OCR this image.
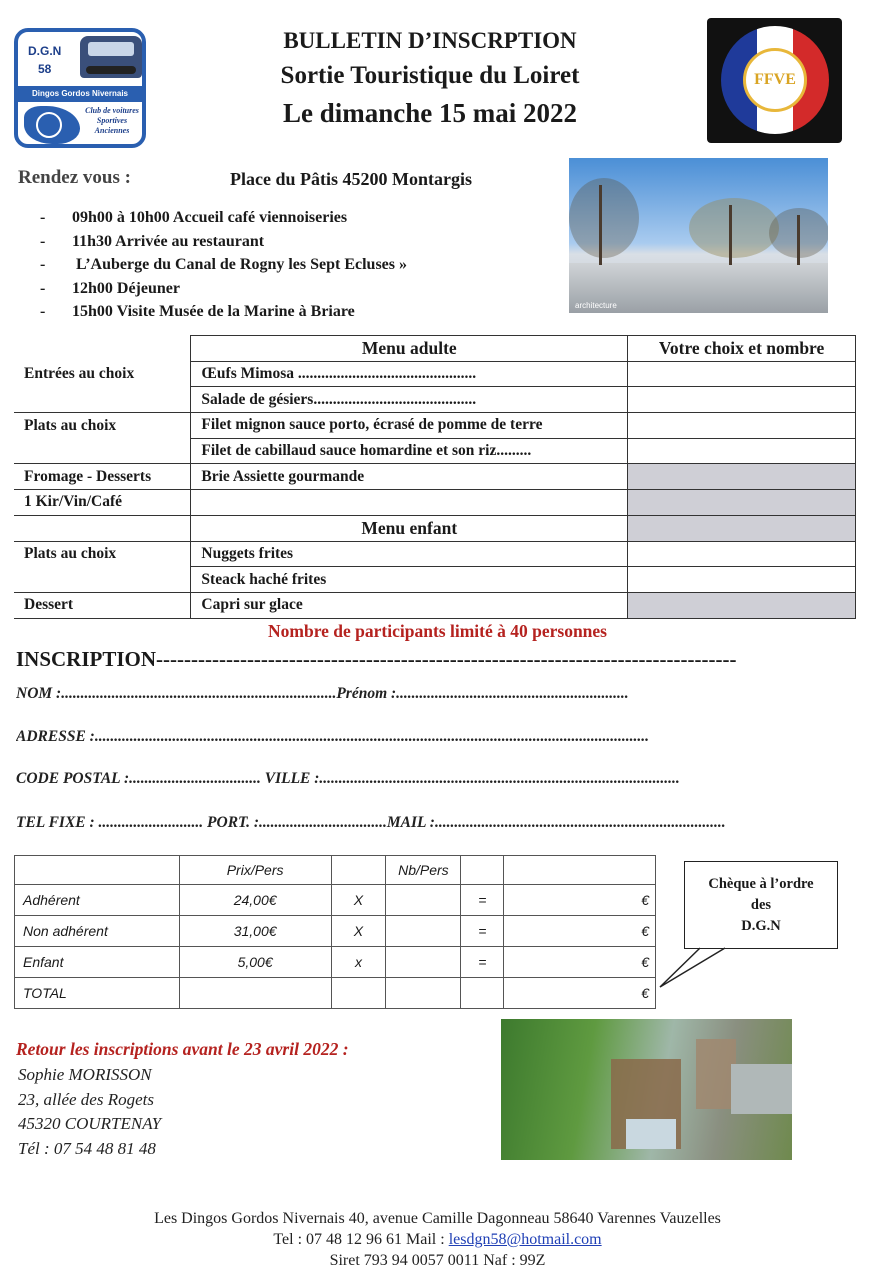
D.G.N
58
Dingos Gordos Nivernais
Club de voitures Sportives Anciennes
BULLETIN D’INSCRPTION
Sortie Touristique du Loiret
Le dimanche 15 mai 2022
FFVE
Rendez vous :	Place du Pâtis 45200 Montargis
- 09h00 à 10h00 Accueil café viennoiseries
- 11h30 Arrivée au restaurant
- L’Auberge du Canal de Rogny les Sept Ecluses »
- 12h00 Déjeuner
- 15h00 Visite Musée de la Marine à Briare	architecture
	Menu adulte	Votre choix et nombre
Entrées au choix	Œufs Mimosa ..............................................	
	Salade de gésiers..........................................	
Plats au choix	Filet mignon sauce porto, écrasé de pomme de terre	
	Filet de cabillaud sauce homardine et son riz.........	
Fromage - Desserts	Brie Assiette gourmande	
1 Kir/Vin/Café		
	Menu enfant	
Plats au choix	Nuggets frites	
	Steack haché frites	
Dessert	Capri sur glace	
Nombre de participants limité à 40 personnes
INSCRIPTION-----------------------------------------------------------------------------------
NOM :.......................................................................Prénom :............................................................
ADRESSE :...............................................................................................................................................
CODE POSTAL :.................................. VILLE :.............................................................................................
TEL FIXE : ........................... PORT. :.................................MAIL :...........................................................................
	Prix/Pers		Nb/Pers		
Adhérent	24,00€	X		=	€
Non adhérent	31,00€	X		=	€
Enfant	5,00€	x		=	€
TOTAL					€
Chèque à l’ordre
des
D.G.N
Retour les inscriptions avant le 23 avril 2022 :
Sophie MORISSON
23, allée des Rogets
45320 COURTENAY
Tél : 07 54 48 81 48
Les Dingos Gordos Nivernais 40, avenue Camille Dagonneau 58640 Varennes Vauzelles
Tel : 07 48 12 96 61 Mail : lesdgn58@hotmail.com
Siret 793 94 0057 0011 Naf : 99Z
